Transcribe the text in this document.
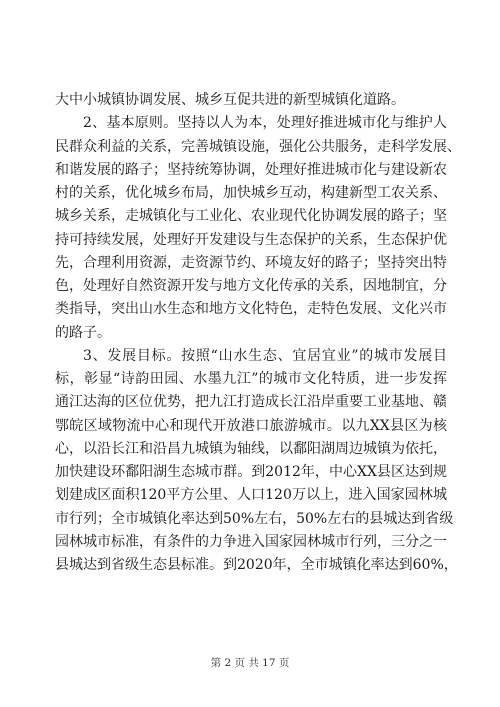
大中小城镇协调发展、城乡互促共进的新型城镇化道路。
2、基本原则。坚持以人为本，处理好推进城市化与维护人
民群众利益的关系，完善城镇设施，强化公共服务，走科学发展、
和谐发展的路子；坚持统筹协调，处理好推进城市化与建设新农
村的关系，优化城乡布局，加快城乡互动，构建新型工农关系、
城乡关系，走城镇化与工业化、农业现代化协调发展的路子；坚
持可持续发展，处理好开发建设与生态保护的关系，生态保护优
先，合理利用资源，走资源节约、环境友好的路子；坚持突出特
色，处理好自然资源开发与地方文化传承的关系，因地制宜，分
类指导，突出山水生态和地方文化特色，走特色发展、文化兴市
的路子。
3、发展目标。按照“山水生态、宜居宜业”的城市发展目
标，彰显“诗韵田园、水墨九江”的城市文化特质，进一步发挥
通江达海的区位优势，把九江打造成长江沿岸重要工业基地、赣
鄂皖区域物流中心和现代开放港口旅游城市。以九XX县区为核
心，以沿长江和沿昌九城镇为轴线，以鄱阳湖周边城镇为依托，
加快建设环鄱阳湖生态城市群。到2012年，中心XX县区达到规
划建成区面积120平方公里、人口120万以上，进入国家园林城
市行列；全市城镇化率达到50%左右，50%左右的县城达到省级
园林城市标准，有条件的力争进入国家园林城市行列，三分之一
县城达到省级生态县标准。到2020年，全市城镇化率达到60%，
第 2 页 共 17 页
